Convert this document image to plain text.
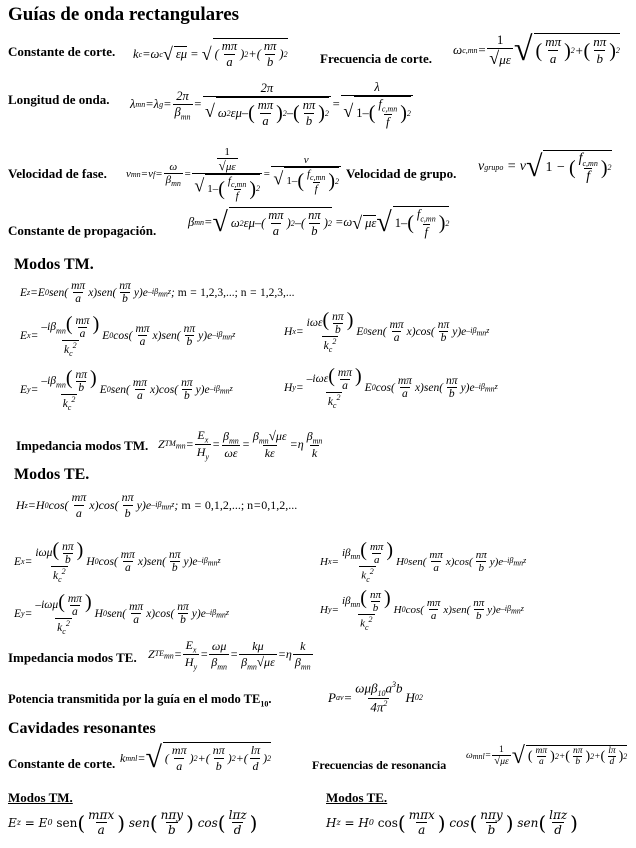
Guías de onda rectangulares
Constante de corte. k c =ω c √ εμ = √ ( $\frac{m\pi}{a}$ ) 2 +( $\frac{n\pi}{b}$ ) 2 Frecuencia de corte.
ω $c,mn = \frac{1}{√\mu\varepsilon}$ √ ( $\frac{m\pi}{a}$ ) 2 + ( $\frac{n\pi}{b}$ ) 2
Longitud de onda. λ mn =λ $g = \frac{2\pi}{\beta_{mn}} = \frac{2\pi}{√ \omega 2 \varepsilon\mu- ( \frac{m\pi}{a} ) 2 - ( \frac{n\pi}{b} ) 2} = \frac{\lambda}{√ 1 - ( \frac{f_{c,mn}}{f} ) 2}$
Velocidad de fase. v mn =v $f = \frac{\omega}{\beta_{mn}} = \frac{\frac{1}{√\mu\varepsilon}}{√ 1 - ( \frac{f_{c,mn}}{f} ) 2} = \frac{v}{√ 1 - ( \frac{f_{c,mn}}{f} ) 2}$ Velocidad de grupo. v grupo = v √ 1 − ( $\frac{f_{c,mn}}{f}$ ) 2
Constante de propagación.
β mn = √ ω 2 $\varepsilon\mu-( \frac{m\pi}{a}$ ) 2 –( $\frac{n\pi}{b}$ ) 2 =ω √ με √ 1 – ( $\frac{f_{c,mn}}{f}$ ) 2
Modos TM.
E z =E 0 $sen( \frac{m\pi}{a} x)sen( \frac{n\pi}{b} y)e$ $-i\beta_{mn}z$ ; m = 1,2,3,...;
n = 1,2,3,...
E $x = \frac{-i\beta_{mn}( \frac{m\pi}{a} )}{k_c^2}$ E 0 $\cos( \frac{m\pi}{a} x)sen( \frac{n\pi}{b} y)e$ $-i\beta_{mn}z$	H $x = \frac{i\omega\varepsilon( \frac{n\pi}{b} )}{k_c^2}$ E 0 $sen( \frac{m\pi}{a} x)\cos( \frac{n\pi}{b} y)e$ $-i\beta_{mn}z$
E $y = \frac{-i\beta_{mn}( \frac{n\pi}{b} )}{k_c^2}$ E 0 $sen( \frac{m\pi}{a} x)\cos( \frac{n\pi}{b} y)e$ $-i\beta_{mn}z$	H $y = \frac{-i\omega\varepsilon( \frac{m\pi}{a} )}{k_c^2}$ E 0 $\cos( \frac{m\pi}{a} x)sen( \frac{n\pi}{b} y)e$ $-i\beta_{mn}z$
Impedancia modos TM. Z $TM_{mn} = \frac{E_x}{H_y} = \frac{\beta_{mn}}{\omega\varepsilon} = \frac{\beta_{mn}√\mu\varepsilon}{k\varepsilon} =\eta \frac{\beta_{mn}}{k}$
Modos TE.
H z =H 0 $\cos( \frac{m\pi}{a} x)\cos( \frac{n\pi}{b} y)e$ $-i\beta_{mn}z$ ; m = 0,1,2,...;
n = 0,1,2,...
E $x = \frac{i\omega\mu( \frac{n\pi}{b} )}{k_c^2}$ H 0 $\cos( \frac{m\pi}{a} x)sen( \frac{n\pi}{b} y)e$ $-i\beta_{mn}z$	H $x = \frac{i\beta_{mn}( \frac{m\pi}{a} )}{k_c^2}$ H 0 $sen( \frac{m\pi}{a} x)\cos( \frac{n\pi}{b} y)e$ $-i\beta_{mn}z$
E $y = \frac{-i\omega\mu( \frac{m\pi}{a} )}{k_c^2}$ H 0 $sen( \frac{m\pi}{a} x)\cos( \frac{n\pi}{b} y)e$ $-i\beta_{mn}z$	H $y = \frac{i\beta_{mn}( \frac{n\pi}{b} )}{k_c^2}$ H 0 $\cos( \frac{m\pi}{a} x)sen( \frac{n\pi}{b} y)e$ $-i\beta_{mn}z$
Impedancia modos TE. Z $TE_{mn} = \frac{E_x}{H_y} = \frac{\omega\mu}{\beta_{mn}} = \frac{k\mu}{\beta_{mn}√\mu\varepsilon} =\eta \frac{k}{\beta_{mn}}$
Potencia transmitida por la guía en el modo $TE_{10}$.	P av = $\frac{\omega\mu\beta_{10}a^3b}{4\pi^2}$ H 0 2
Cavidades resonantes
Constante de corte. k mnl = √ ( $\frac{m\pi}{a}$ ) 2 +( $\frac{n\pi}{b}$ ) 2 +( $\frac{l\pi}{d}$ ) 2	Frecuencias de resonancia
ω mnl = $\frac{1}{√\mu\varepsilon}$ √ ( $\frac{m\pi}{a}$ ) 2 + ( $\frac{n\pi}{b}$ ) 2 + ( $\frac{l\pi}{d}$ ) 2
Modos TM.
E z = E 0
sen ( $\frac{\text{mπx}}{a}$ ) sen ( $\frac{\text{nπy}}{b}$ ) cos ( $\frac{\text{lπz}}{d}$ )
Modos TE.
H z = H 0
cos ( $\frac{\text{mπx}}{a}$ ) cos ( $\frac{\text{nπy}}{b}$ ) sen ( $\frac{\text{lπz}}{d}$ )
